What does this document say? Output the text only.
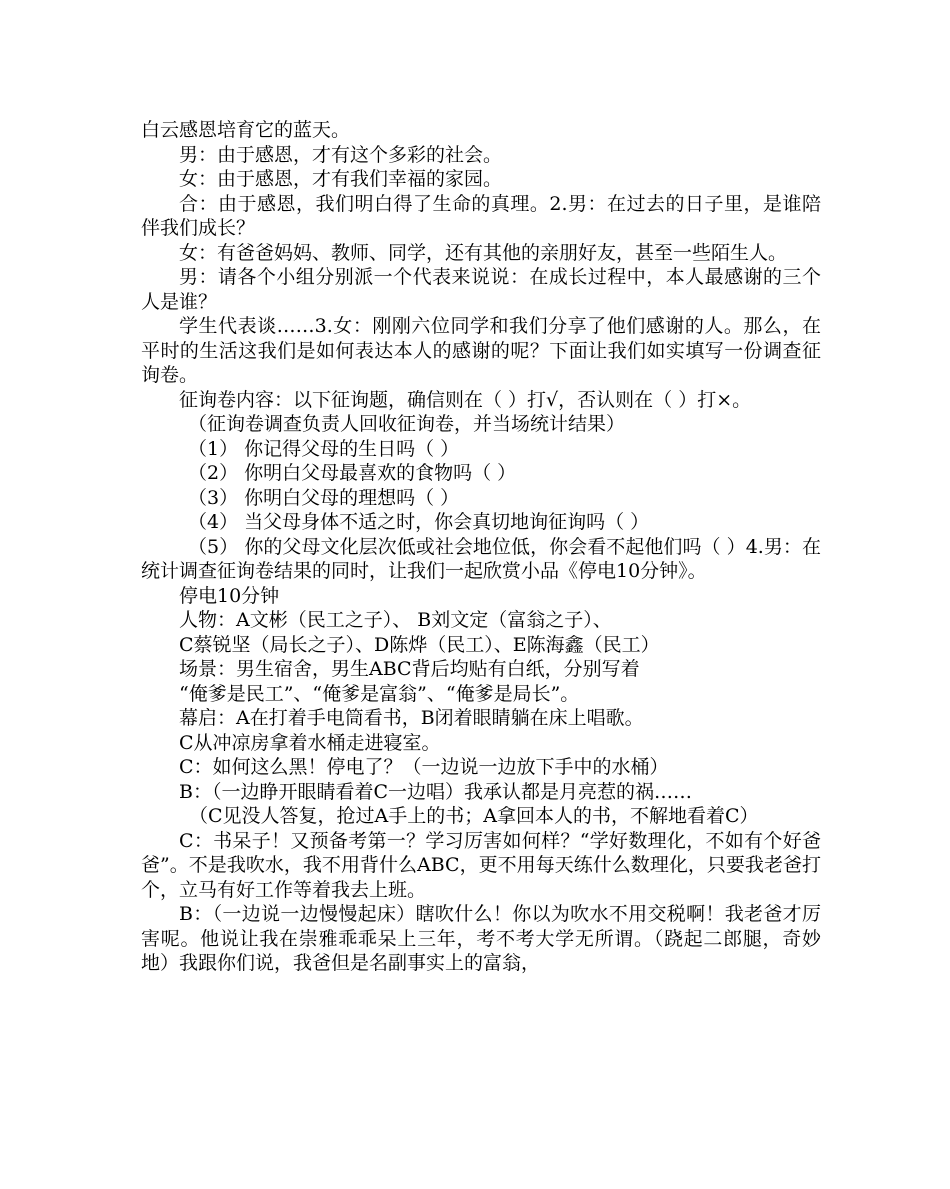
白云感恩培育它的蓝天。

男：由于感恩，才有这个多彩的社会。

女：由于感恩，才有我们幸福的家园。

合：由于感恩，我们明白得了生命的真理。2.男：在过去的日子里，是谁陪伴我们成长？

女：有爸爸妈妈、教师、同学，还有其他的亲朋好友，甚至一些陌生人。

男：请各个小组分别派一个代表来说说：在成长过程中，本人最感谢的三个人是谁？

学生代表谈……3.女：刚刚六位同学和我们分享了他们感谢的人。那么，在平时的生活这我们是如何表达本人的感谢的呢？下面让我们如实填写一份调查征询卷。

征询卷内容：以下征询题，确信则在（ ）打√，否认则在（ ）打×。

（征询卷调查负责人回收征询卷，并当场统计结果）

（1） 你记得父母的生日吗（ ）

（2） 你明白父母最喜欢的食物吗（ ）

（3） 你明白父母的理想吗（ ）

（4） 当父母身体不适之时，你会真切地询征询吗（ ）

（5） 你的父母文化层次低或社会地位低，你会看不起他们吗（ ）4.男：在统计调查征询卷结果的同时，让我们一起欣赏小品《停电10分钟》。

停电10分钟

人物：A文彬（民工之子）、 B刘文定（富翁之子）、

C蔡锐坚（局长之子）、D陈烨（民工）、E陈海鑫（民工）

场景：男生宿舍，男生ABC背后均贴有白纸，分别写着

“俺爹是民工”、“俺爹是富翁”、“俺爹是局长”。

幕启：A在打着手电筒看书，B闭着眼睛躺在床上唱歌。

C从冲凉房拿着水桶走进寝室。

C：如何这么黑！停电了？（一边说一边放下手中的水桶）

B：（一边睁开眼睛看着C一边唱）我承认都是月亮惹的祸……

（C见没人答复，抢过A手上的书；A拿回本人的书，不解地看着C）

C：书呆子！又预备考第一？学习厉害如何样？“学好数理化，不如有个好爸爸”。不是我吹水，我不用背什么ABC，更不用每天练什么数理化，只要我老爸打个，立马有好工作等着我去上班。

B：（一边说一边慢慢起床）瞎吹什么！你以为吹水不用交税啊！我老爸才厉害呢。他说让我在崇雅乖乖呆上三年，考不考大学无所谓。（跷起二郎腿，奇妙地）我跟你们说，我爸但是名副事实上的富翁，
